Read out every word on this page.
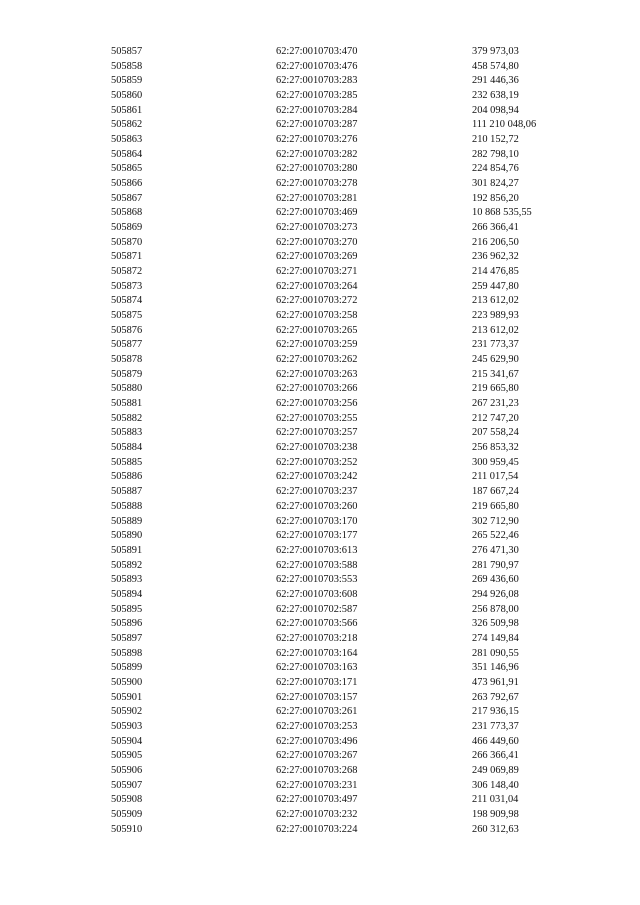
505857	62:27:0010703:470	379 973,03
505858	62:27:0010703:476	458 574,80
505859	62:27:0010703:283	291 446,36
505860	62:27:0010703:285	232 638,19
505861	62:27:0010703:284	204 098,94
505862	62:27:0010703:287	111 210 048,06
505863	62:27:0010703:276	210 152,72
505864	62:27:0010703:282	282 798,10
505865	62:27:0010703:280	224 854,76
505866	62:27:0010703:278	301 824,27
505867	62:27:0010703:281	192 856,20
505868	62:27:0010703:469	10 868 535,55
505869	62:27:0010703:273	266 366,41
505870	62:27:0010703:270	216 206,50
505871	62:27:0010703:269	236 962,32
505872	62:27:0010703:271	214 476,85
505873	62:27:0010703:264	259 447,80
505874	62:27:0010703:272	213 612,02
505875	62:27:0010703:258	223 989,93
505876	62:27:0010703:265	213 612,02
505877	62:27:0010703:259	231 773,37
505878	62:27:0010703:262	245 629,90
505879	62:27:0010703:263	215 341,67
505880	62:27:0010703:266	219 665,80
505881	62:27:0010703:256	267 231,23
505882	62:27:0010703:255	212 747,20
505883	62:27:0010703:257	207 558,24
505884	62:27:0010703:238	256 853,32
505885	62:27:0010703:252	300 959,45
505886	62:27:0010703:242	211 017,54
505887	62:27:0010703:237	187 667,24
505888	62:27:0010703:260	219 665,80
505889	62:27:0010703:170	302 712,90
505890	62:27:0010703:177	265 522,46
505891	62:27:0010703:613	276 471,30
505892	62:27:0010703:588	281 790,97
505893	62:27:0010703:553	269 436,60
505894	62:27:0010703:608	294 926,08
505895	62:27:0010702:587	256 878,00
505896	62:27:0010703:566	326 509,98
505897	62:27:0010703:218	274 149,84
505898	62:27:0010703:164	281 090,55
505899	62:27:0010703:163	351 146,96
505900	62:27:0010703:171	473 961,91
505901	62:27:0010703:157	263 792,67
505902	62:27:0010703:261	217 936,15
505903	62:27:0010703:253	231 773,37
505904	62:27:0010703:496	466 449,60
505905	62:27:0010703:267	266 366,41
505906	62:27:0010703:268	249 069,89
505907	62:27:0010703:231	306 148,40
505908	62:27:0010703:497	211 031,04
505909	62:27:0010703:232	198 909,98
505910	62:27:0010703:224	260 312,63
